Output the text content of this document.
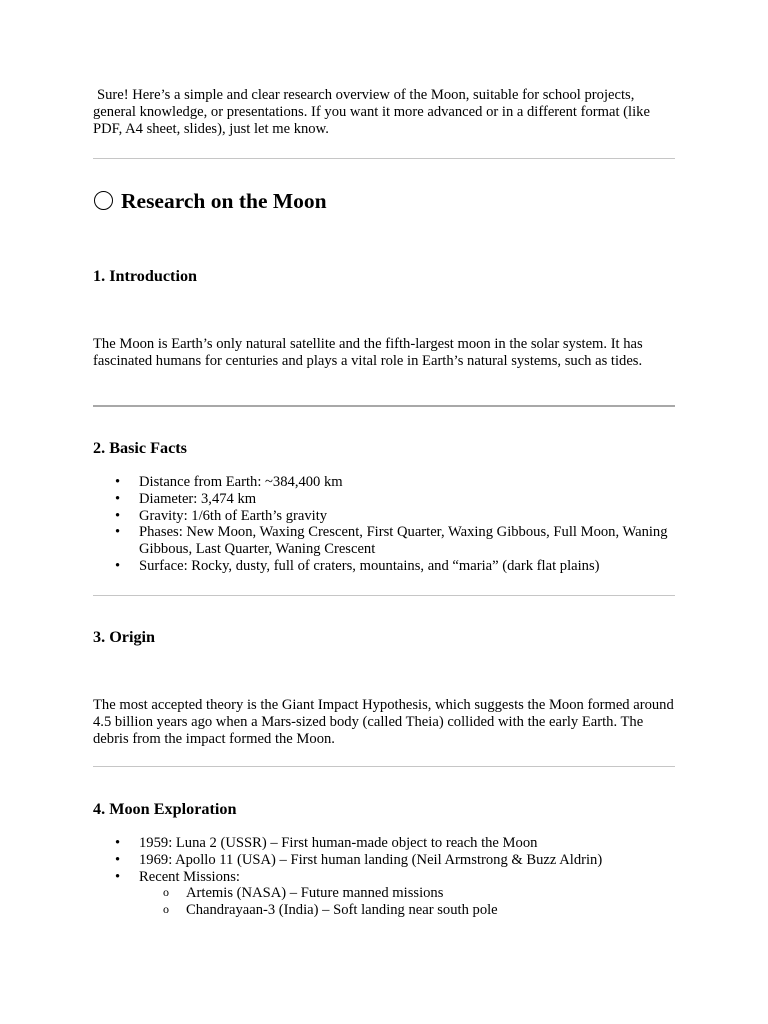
Sure! Here’s a simple and clear research overview of the Moon, suitable for school projects, general knowledge, or presentations. If you want it more advanced or in a different format (like PDF, A4 sheet, slides), just let me know.

Research on the Moon
1. Introduction

The Moon is Earth’s only natural satellite and the fifth-largest moon in the solar system. It has fascinated humans for centuries and plays a vital role in Earth’s natural systems, such as tides.

2. Basic Facts
• Distance from Earth: ~384,400 km
• Diameter: 3,474 km
• Gravity: 1/6th of Earth’s gravity
• Phases: New Moon, Waxing Crescent, First Quarter, Waxing Gibbous, Full Moon, Waning Gibbous, Last Quarter, Waning Crescent
• Surface: Rocky, dusty, full of craters, mountains, and “maria” (dark flat plains)
3. Origin

The most accepted theory is the Giant Impact Hypothesis, which suggests the Moon formed around 4.5 billion years ago when a Mars-sized body (called Theia) collided with the early Earth. The debris from the impact formed the Moon.

4. Moon Exploration
• 1959: Luna 2 (USSR) – First human-made object to reach the Moon
• 1969: Apollo 11 (USA) – First human landing (Neil Armstrong & Buzz Aldrin)
• Recent Missions:
o Artemis (NASA) – Future manned missions
o Chandrayaan-3 (India) – Soft landing near south pole
